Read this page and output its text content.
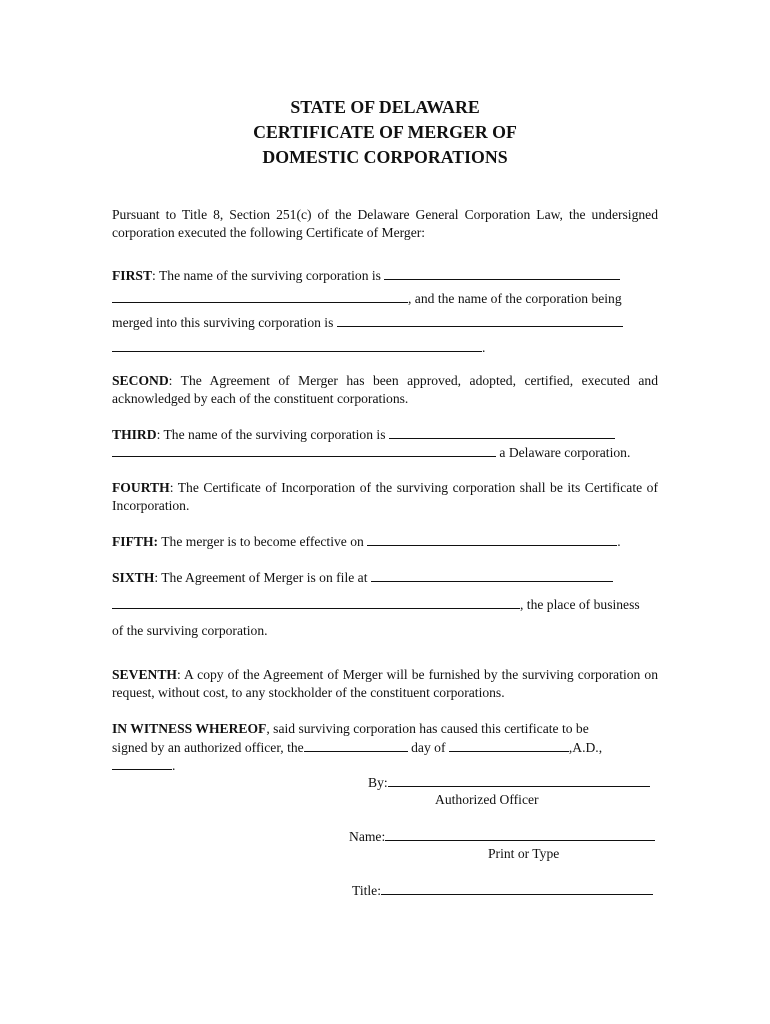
STATE OF DELAWARE
CERTIFICATE OF MERGER OF
DOMESTIC CORPORATIONS
Pursuant to Title 8, Section 251(c) of the Delaware General Corporation Law, the undersigned corporation executed the following Certificate of Merger:
FIRST: The name of the surviving corporation is
, and the name of the corporation being
merged into this surviving corporation is
.
SECOND: The Agreement of Merger has been approved, adopted, certified, executed and acknowledged by each of the constituent corporations.
THIRD: The name of the surviving corporation is
a Delaware corporation.
FOURTH: The Certificate of Incorporation of the surviving corporation shall be its Certificate of Incorporation.
FIFTH: The merger is to become effective on	.
SIXTH: The Agreement of Merger is on file at
, the place of business
of the surviving corporation.
SEVENTH: A copy of the Agreement of Merger will be furnished by the surviving corporation on request, without cost, to any stockholder of the constituent corporations.
IN WITNESS WHEREOF, said surviving corporation has caused this certificate to be
signed by an authorized officer, the	day of	,A.D.,
.
By:
Authorized Officer
Name:
Print or Type
Title:
